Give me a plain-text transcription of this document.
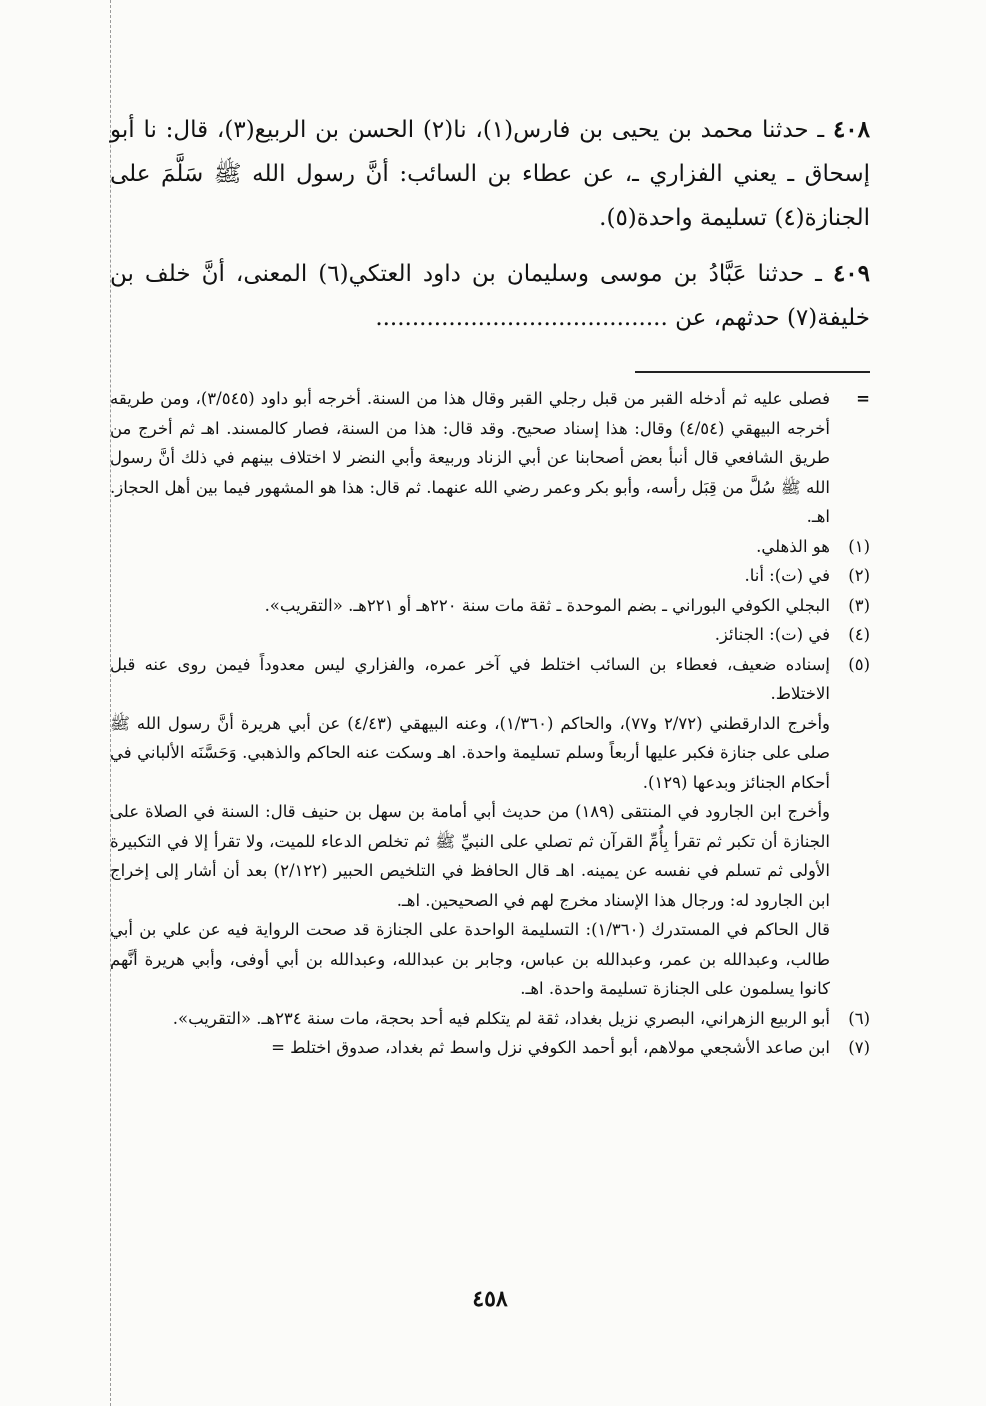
٤٠٨ ـ حدثنا محمد بن يحيى بن فارس(١)، نا(٢) الحسن بن الربيع(٣)، قال: نا أبو إسحاق ـ يعني الفزاري ـ، عن عطاء بن السائب: أنَّ رسول الله ﷺ سَلَّمَ على الجنازة(٤) تسليمة واحدة(٥).

٤٠٩ ـ حدثنا عَبَّادُ بن موسى وسليمان بن داود العتكي(٦) المعنى، أنَّ خلف بن خليفة(٧) حدثهم، عن ........................................

=
فصلى عليه ثم أدخله القبر من قبل رجلي القبر وقال هذا من السنة. أخرجه أبو داود (٣/٥٤٥)، ومن طريقه أخرجه البيهقي (٤/٥٤) وقال: هذا إسناد صحيح. وقد قال: هذا من السنة، فصار كالمسند. اهـ ثم أخرج من طريق الشافعي قال أنبأ بعض أصحابنا عن أبي الزناد وربيعة وأبي النضر لا اختلاف بينهم في ذلك أنَّ رسول الله ﷺ سُلَّ من قِبَل رأسه، وأبو بكر وعمر رضي الله عنهما. ثم قال: هذا هو المشهور فيما بين أهل الحجاز. اهـ.
(١)

هو الذهلي.

(٢)

في (ت): أنا.

(٣)

البجلي الكوفي البوراني ـ بضم الموحدة ـ ثقة مات سنة ٢٢٠هـ أو ٢٢١هـ. «التقريب».

(٤)

في (ت): الجنائز.

(٥)

إسناده ضعيف، فعطاء بن السائب اختلط في آخر عمره، والفزاري ليس معدوداً فيمن روى عنه قبل الاختلاط.

وأخرج الدارقطني (٢/٧٢ و٧٧)، والحاكم (١/٣٦٠)، وعنه البيهقي (٤/٤٣) عن أبي هريرة أنَّ رسول الله ﷺ صلى على جنازة فكبر عليها أربعاً وسلم تسليمة واحدة. اهـ وسكت عنه الحاكم والذهبي. وَحَسَّنَه الألباني في أحكام الجنائز وبدعها (١٢٩).

وأخرج ابن الجارود في المنتقى (١٨٩) من حديث أبي أمامة بن سهل بن حنيف قال: السنة في الصلاة على الجنازة أن تكبر ثم تقرأ بِأُمِّ القرآن ثم تصلي على النبيِّ ﷺ ثم تخلص الدعاء للميت، ولا تقرأ إلا في التكبيرة الأولى ثم تسلم في نفسه عن يمينه. اهـ قال الحافظ في التلخيص الحبير (٢/١٢٢) بعد أن أشار إلى إخراج ابن الجارود له: ورجال هذا الإسناد مخرج لهم في الصحيحين. اهـ.

قال الحاكم في المستدرك (١/٣٦٠): التسليمة الواحدة على الجنازة قد صحت الرواية فيه عن علي بن أبي طالب، وعبدالله بن عمر، وعبدالله بن عباس، وجابر بن عبدالله، وعبدالله بن أبي أوفى، وأبي هريرة أنَّهم كانوا يسلمون على الجنازة تسليمة واحدة. اهـ.

(٦)

أبو الربيع الزهراني، البصري نزيل بغداد، ثقة لم يتكلم فيه أحد بحجة، مات سنة ٢٣٤هـ. «التقريب».

(٧)

ابن صاعد الأشجعي مولاهم، أبو أحمد الكوفي نزل واسط ثم بغداد، صدوق اختلط =

٤٥٨
